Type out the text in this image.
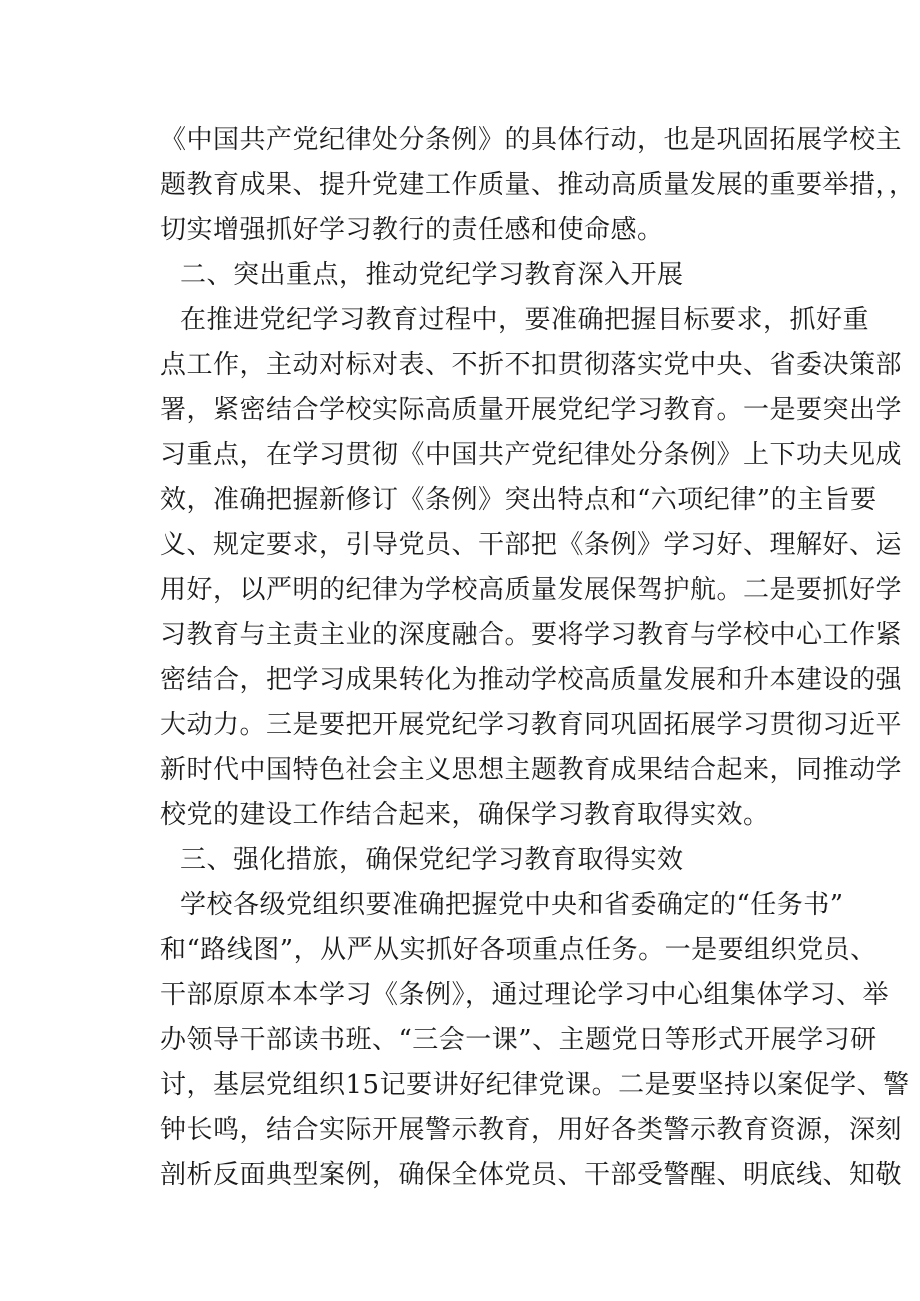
《中国共产党纪律处分条例》的具体行动，也是巩固拓展学校主
题教育成果、提升党建工作质量、推动高质量发展的重要举措，，
切实增强抓好学习教行的责任感和使命感。
二、突出重点，推动党纪学习教育深入开展
在推进党纪学习教育过程中，要准确把握目标要求，抓好重
点工作，主动对标对表、不折不扣贯彻落实党中央、省委决策部
署，紧密结合学校实际高质量开展党纪学习教育。一是要突出学
习重点，在学习贯彻《中国共产党纪律处分条例》上下功夫见成
效，准确把握新修订《条例》突出特点和“六项纪律”的主旨要
义、规定要求，引导党员、干部把《条例》学习好、理解好、运
用好，以严明的纪律为学校高质量发展保驾护航。二是要抓好学
习教育与主责主业的深度融合。要将学习教育与学校中心工作紧
密结合，把学习成果转化为推动学校高质量发展和升本建设的强
大动力。三是要把开展党纪学习教育同巩固拓展学习贯彻习近平
新时代中国特色社会主义思想主题教育成果结合起来，同推动学
校党的建设工作结合起来，确保学习教育取得实效。
三、强化措旅，确保党纪学习教育取得实效
学校各级党组织要准确把握党中央和省委确定的“任务书”
和“路线图”，从严从实抓好各项重点任务。一是要组织党员、
干部原原本本学习《条例》，通过理论学习中心组集体学习、举
办领导干部读书班、“三会一课”、主题党日等形式开展学习研
讨，基层党组织15记要讲好纪律党课。二是要坚持以案促学、警
钟长鸣，结合实际开展警示教育，用好各类警示教育资源，深刻
剖析反面典型案例，确保全体党员、干部受警醒、明底线、知敬
